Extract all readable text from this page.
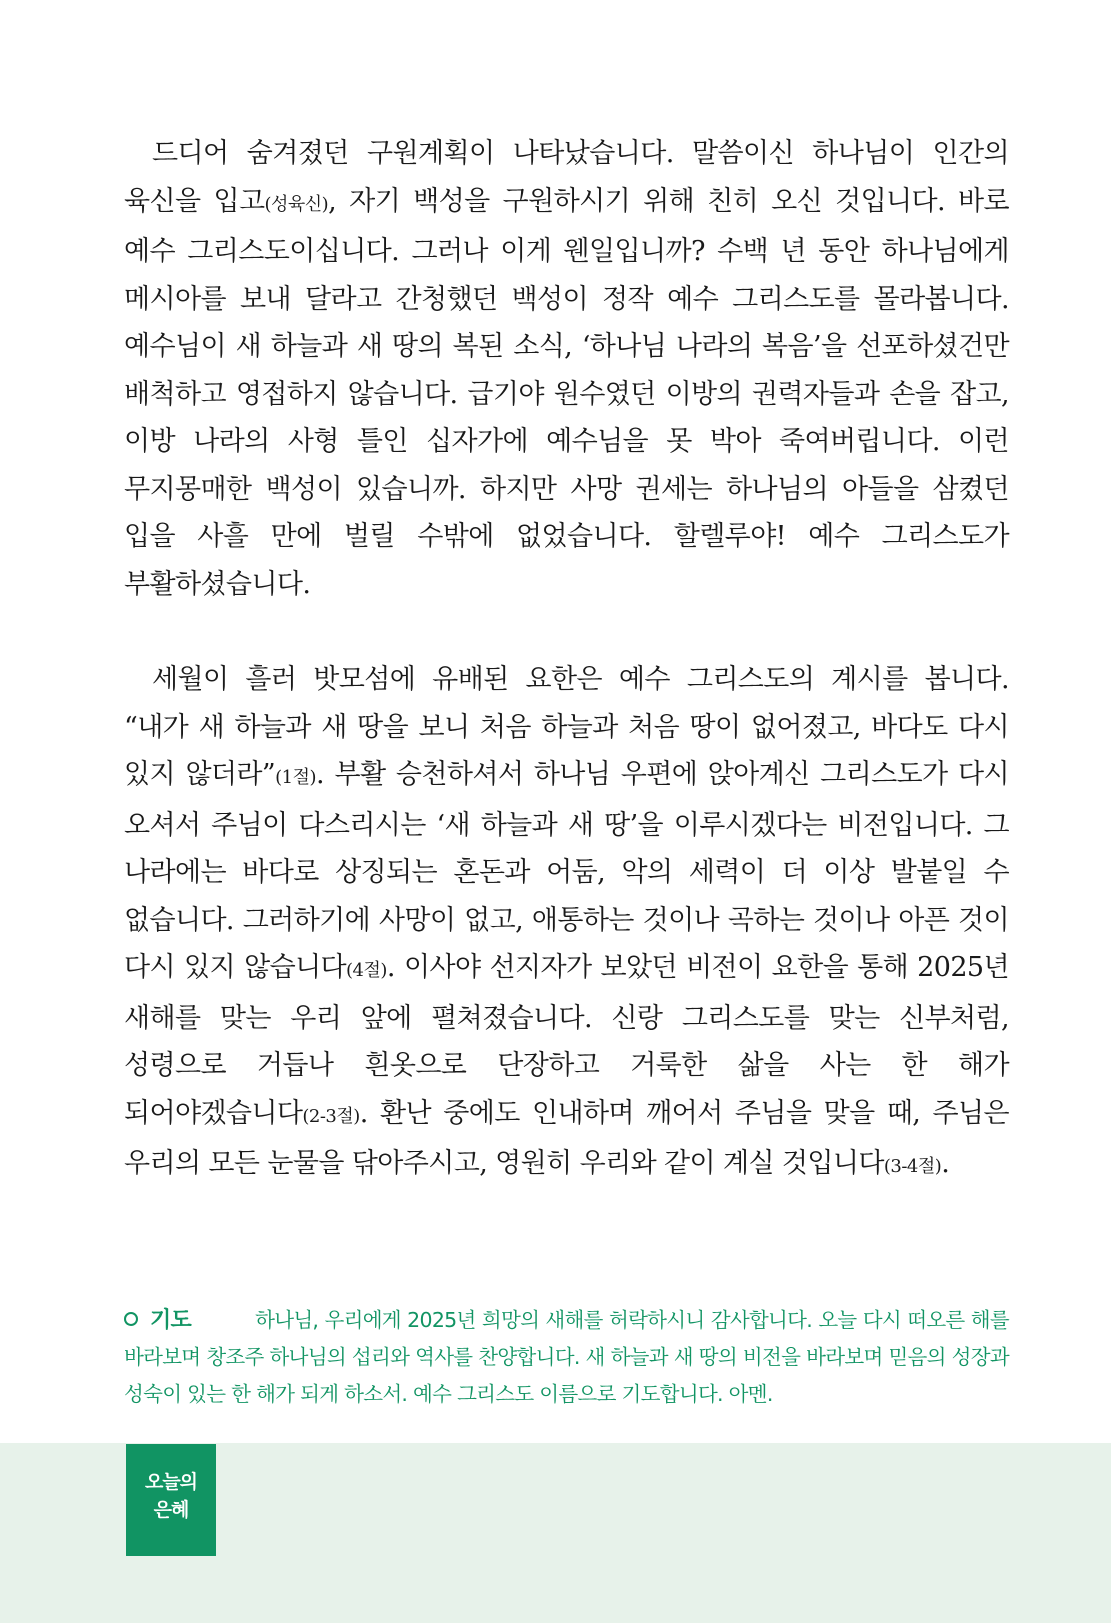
드디어 숨겨졌던 구원계획이 나타났습니다. 말씀이신 하나님이 인간의 육신을 입고(성육신), 자기 백성을 구원하시기 위해 친히 오신 것입니다. 바로 예수 그리스도이십니다. 그러나 이게 웬일입니까? 수백 년 동안 하나님에게 메시아를 보내 달라고 간청했던 백성이 정작 예수 그리스도를 몰라봅니다. 예수님이 새 하늘과 새 땅의 복된 소식, ‘하나님 나라의 복음’을 선포하셨건만 배척하고 영접하지 않습니다. 급기야 원수였던 이방의 권력자들과 손을 잡고, 이방 나라의 사형 틀인 십자가에 예수님을 못 박아 죽여버립니다. 이런 무지몽매한 백성이 있습니까. 하지만 사망 권세는 하나님의 아들을 삼켰던 입을 사흘 만에 벌릴 수밖에 없었습니다. 할렐루야! 예수 그리스도가 부활하셨습니다.

세월이 흘러 밧모섬에 유배된 요한은 예수 그리스도의 계시를 봅니다. “내가 새 하늘과 새 땅을 보니 처음 하늘과 처음 땅이 없어졌고, 바다도 다시 있지 않더라”(1절). 부활 승천하셔서 하나님 우편에 앉아계신 그리스도가 다시 오셔서 주님이 다스리시는 ‘새 하늘과 새 땅’을 이루시겠다는 비전입니다. 그 나라에는 바다로 상징되는 혼돈과 어둠, 악의 세력이 더 이상 발붙일 수 없습니다. 그러하기에 사망이 없고, 애통하는 것이나 곡하는 것이나 아픈 것이 다시 있지 않습니다(4절). 이사야 선지자가 보았던 비전이 요한을 통해 2025년 새해를 맞는 우리 앞에 펼쳐졌습니다. 신랑 그리스도를 맞는 신부처럼, 성령으로 거듭나 흰옷으로 단장하고 거룩한 삶을 사는 한 해가 되어야겠습니다(2-3절). 환난 중에도 인내하며 깨어서 주님을 맞을 때, 주님은 우리의 모든 눈물을 닦아주시고, 영원히 우리와 같이 계실 것입니다(3-4절).

기도	하나님, 우리에게 2025년 희망의 새해를 허락하시니 감사합니다. 오늘 다시 떠오른 해를 바라보며 창조주 하나님의 섭리와 역사를 찬양합니다. 새 하늘과 새 땅의 비전을 바라보며 믿음의 성장과 성숙이 있는 한 해가 되게 하소서. 예수 그리스도 이름으로 기도합니다. 아멘.

오늘의
은혜
